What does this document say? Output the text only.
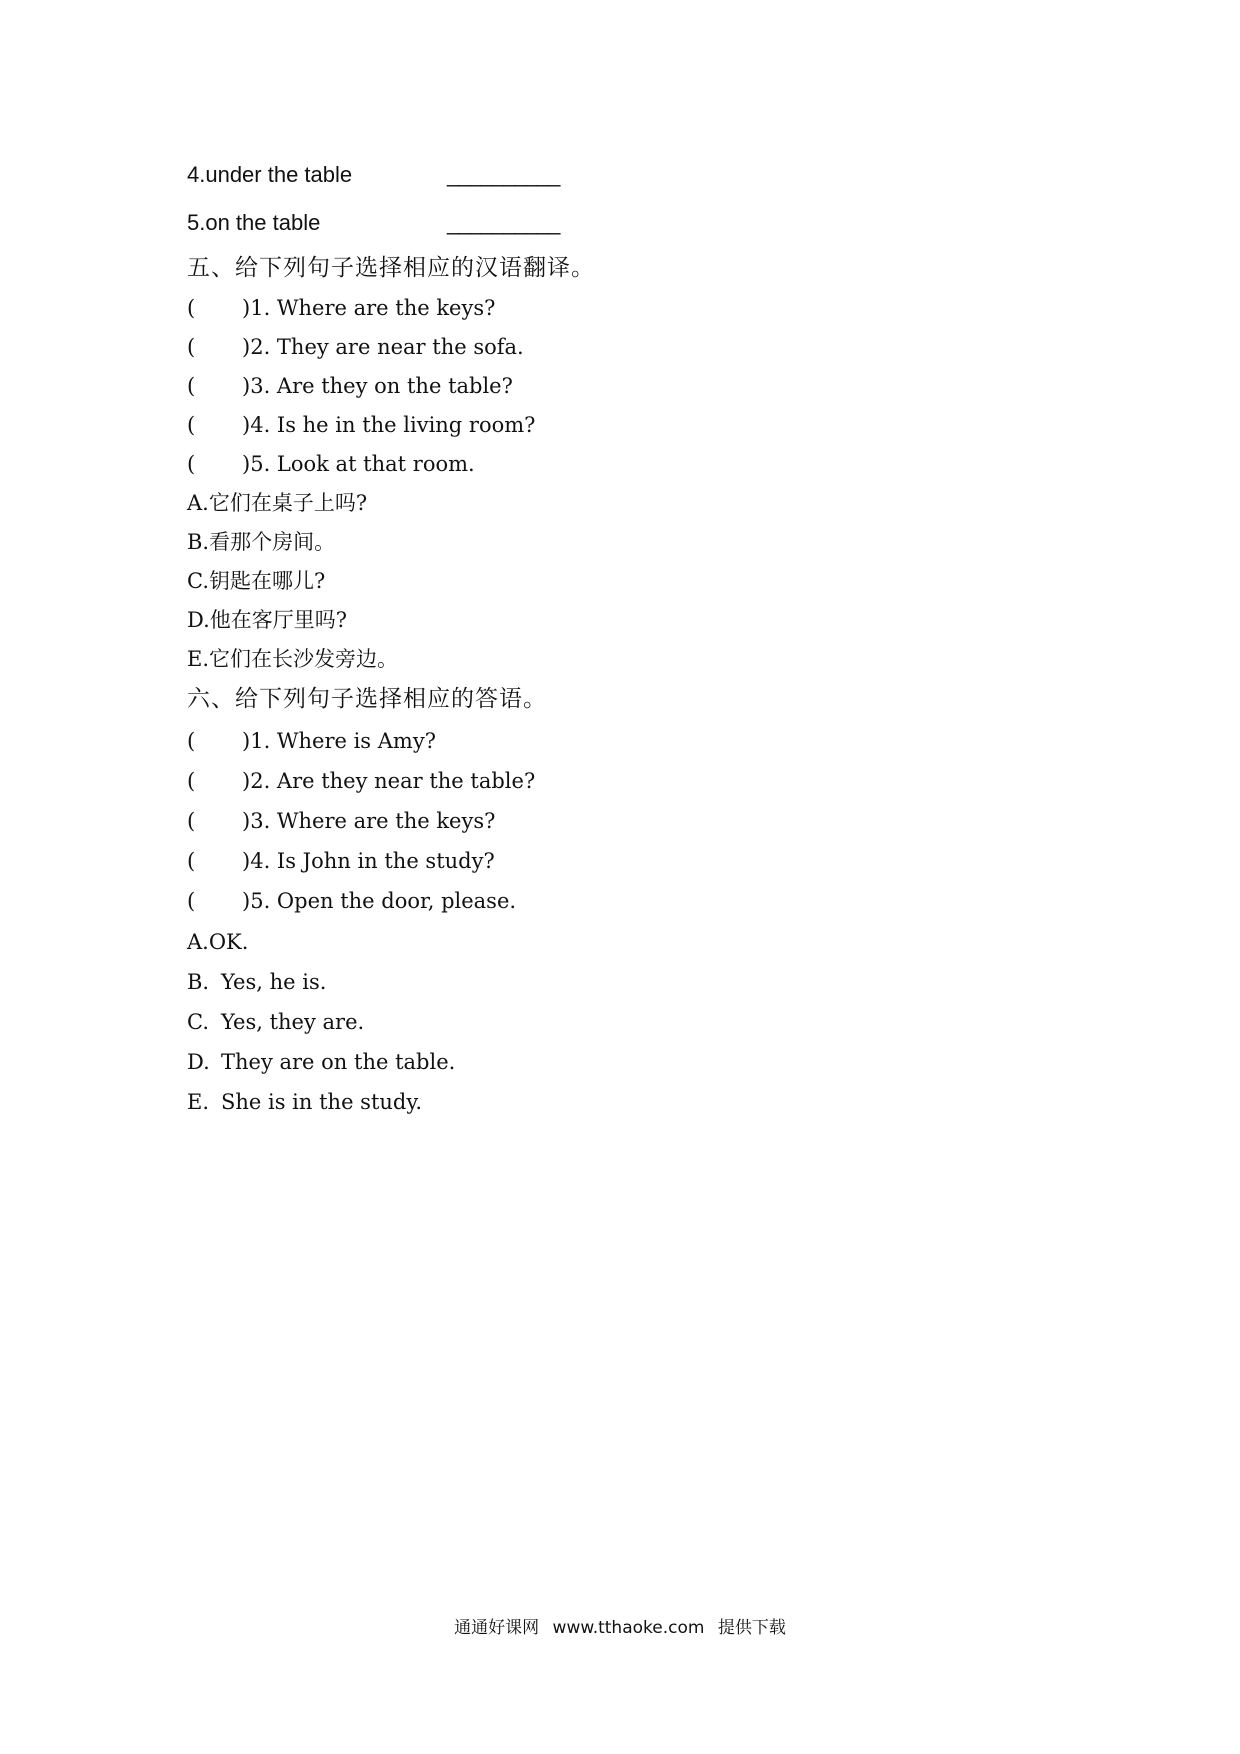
4.under the table	__________
5.on the table	__________
五、给下列句子选择相应的汉语翻译。
( )1. Where are the keys?
( )2. They are near the sofa.
( )3. Are they on the table?
( )4. Is he in the living room?
( )5. Look at that room.
A.它们在桌子上吗?
B.看那个房间。
C.钥匙在哪儿?
D.他在客厅里吗?
E.它们在长沙发旁边。
六、给下列句子选择相应的答语。
( )1. Where is Amy?
( )2. Are they near the table?
( )3. Where are the keys?
( )4. Is John in the study?
( )5. Open the door, please.
A.OK.
B. Yes, he is.
C. Yes, they are.
D. They are on the table.
E. She is in the study.
通通好课网 www.tthaoke.com 提供下载
